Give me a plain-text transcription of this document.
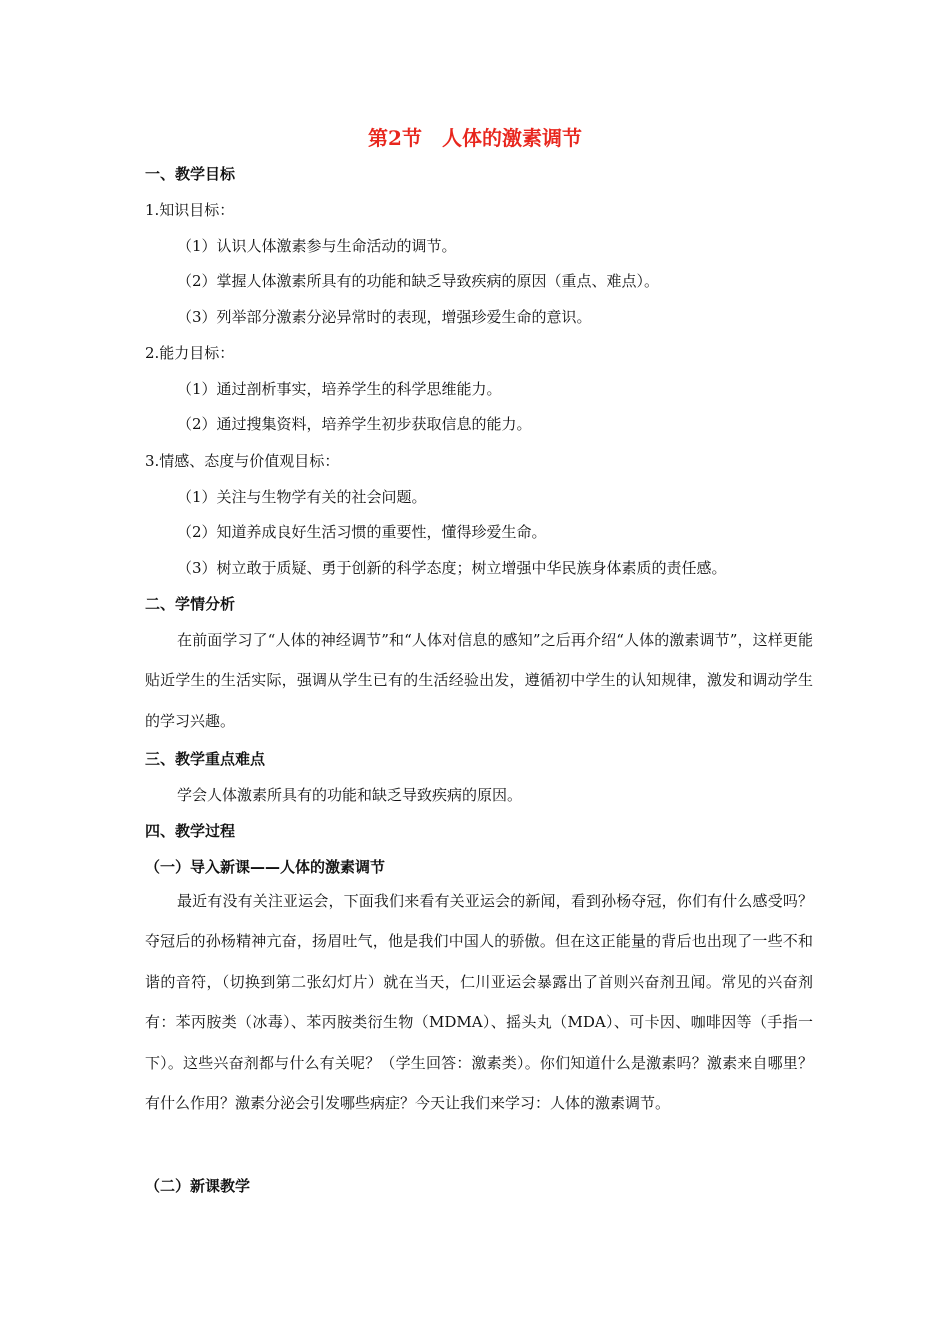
第2节　人体的激素调节
一、教学目标
1.知识目标：
（1）认识人体激素参与生命活动的调节。
（2）掌握人体激素所具有的功能和缺乏导致疾病的原因（重点、难点）。
（3）列举部分激素分泌异常时的表现，增强珍爱生命的意识。
2.能力目标：
（1）通过剖析事实，培养学生的科学思维能力。
（2）通过搜集资料，培养学生初步获取信息的能力。
3.情感、态度与价值观目标：
（1）关注与生物学有关的社会问题。
（2）知道养成良好生活习惯的重要性，懂得珍爱生命。
（3）树立敢于质疑、勇于创新的科学态度；树立增强中华民族身体素质的责任感。
二、学情分析
在前面学习了“人体的神经调节”和“人体对信息的感知”之后再介绍“人体的激素调节”，这样更能贴近学生的生活实际，强调从学生已有的生活经验出发，遵循初中学生的认知规律，激发和调动学生的学习兴趣。
三、教学重点难点
学会人体激素所具有的功能和缺乏导致疾病的原因。
四、教学过程
（一）导入新课——人体的激素调节
最近有没有关注亚运会，下面我们来看有关亚运会的新闻，看到孙杨夺冠，你们有什么感受吗？夺冠后的孙杨精神亢奋，扬眉吐气，他是我们中国人的骄傲。但在这正能量的背后也出现了一些不和谐的音符，（切换到第二张幻灯片）就在当天，仁川亚运会暴露出了首则兴奋剂丑闻。常见的兴奋剂有：苯丙胺类（冰毒）、苯丙胺类衍生物（MDMA）、摇头丸（MDA）、可卡因、咖啡因等（手指一下）。这些兴奋剂都与什么有关呢？（学生回答：激素类）。你们知道什么是激素吗？激素来自哪里？有什么作用？激素分泌会引发哪些病症？今天让我们来学习：人体的激素调节。
（二）新课教学
